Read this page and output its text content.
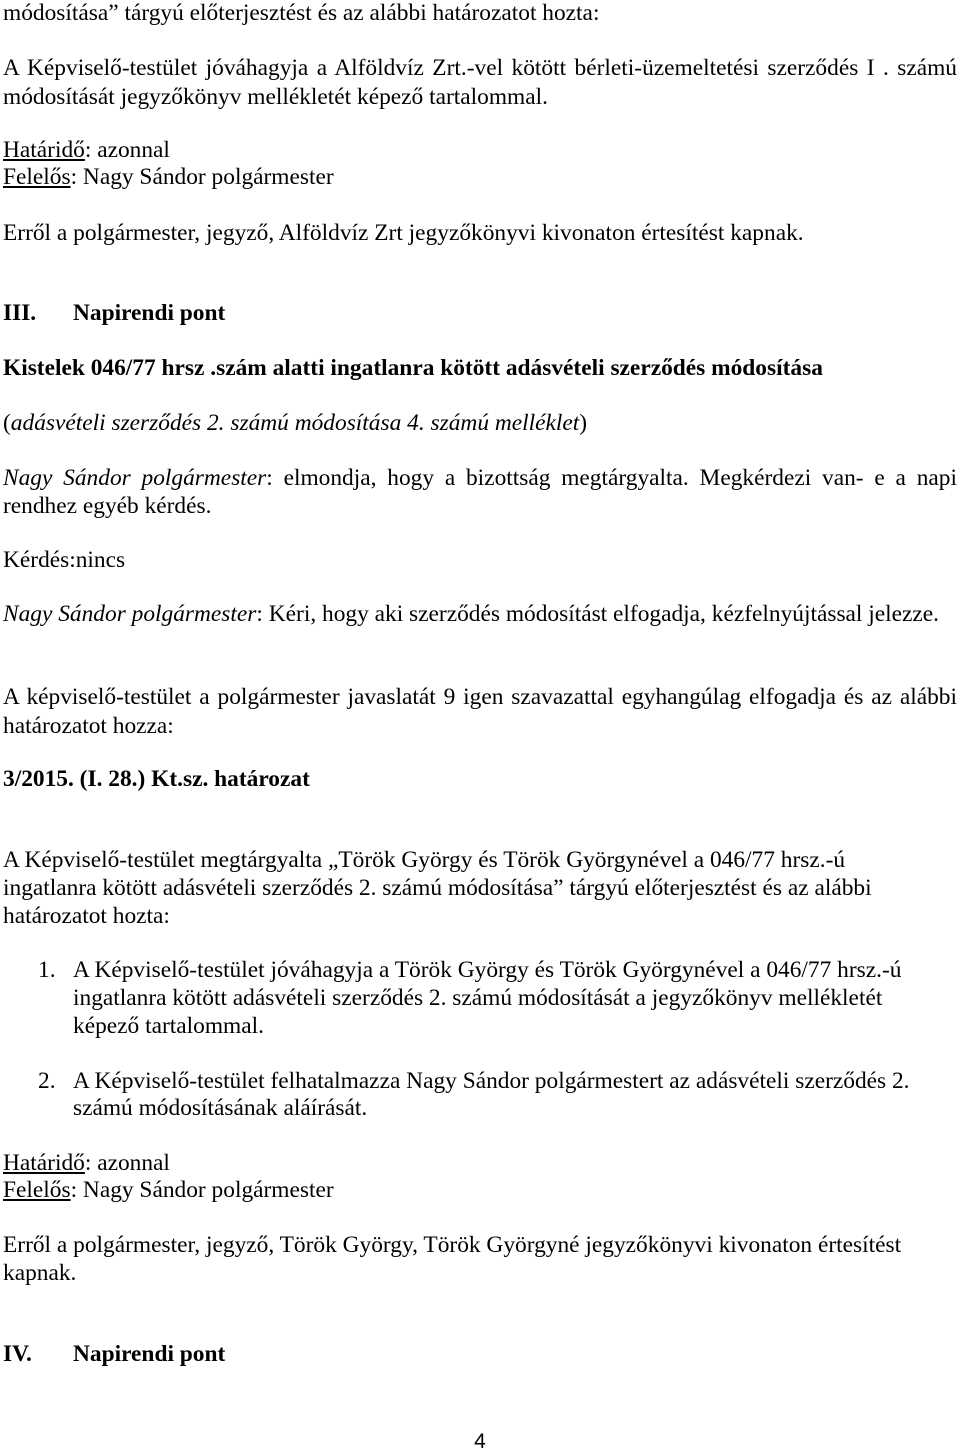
módosítása” tárgyú előterjesztést és az alábbi határozatot hozta:
A Képviselő-testület jóváhagyja a Alföldvíz Zrt.-vel kötött bérleti-üzemeltetési szerződés I . számú
módosítását jegyzőkönyv mellékletét képező tartalommal.
Határidő: azonnal
Felelős: Nagy Sándor polgármester
Erről a polgármester, jegyző, Alföldvíz Zrt jegyzőkönyvi kivonaton értesítést kapnak.
III. Napirendi pont
Kistelek 046/77 hrsz .szám alatti ingatlanra kötött adásvételi szerződés módosítása
(adásvételi szerződés 2. számú módosítása 4. számú melléklet)
Nagy Sándor polgármester: elmondja, hogy a bizottság megtárgyalta. Megkérdezi van- e a napi
rendhez egyéb kérdés.
Kérdés:nincs
Nagy Sándor polgármester: Kéri, hogy aki szerződés módosítást elfogadja, kézfelnyújtással jelezze.
A képviselő-testület a polgármester javaslatát 9 igen szavazattal egyhangúlag elfogadja és az alábbi
határozatot hozza:
3/2015. (I. 28.) Kt.sz. határozat
A Képviselő-testület megtárgyalta „Török György és Török Györgynével a 046/77 hrsz.-ú
ingatlanra kötött adásvételi szerződés 2. számú módosítása” tárgyú előterjesztést és az alábbi
határozatot hozta:
1. A Képviselő-testület jóváhagyja a Török György és Török Györgynével a 046/77 hrsz.-ú
ingatlanra kötött adásvételi szerződés 2. számú módosítását a jegyzőkönyv mellékletét
képező tartalommal.
2. A Képviselő-testület felhatalmazza Nagy Sándor polgármestert az adásvételi szerződés 2.
számú módosításának aláírását.
Határidő: azonnal
Felelős: Nagy Sándor polgármester
Erről a polgármester, jegyző, Török György, Török Györgyné jegyzőkönyvi kivonaton értesítést
kapnak.
IV. Napirendi pont
4
